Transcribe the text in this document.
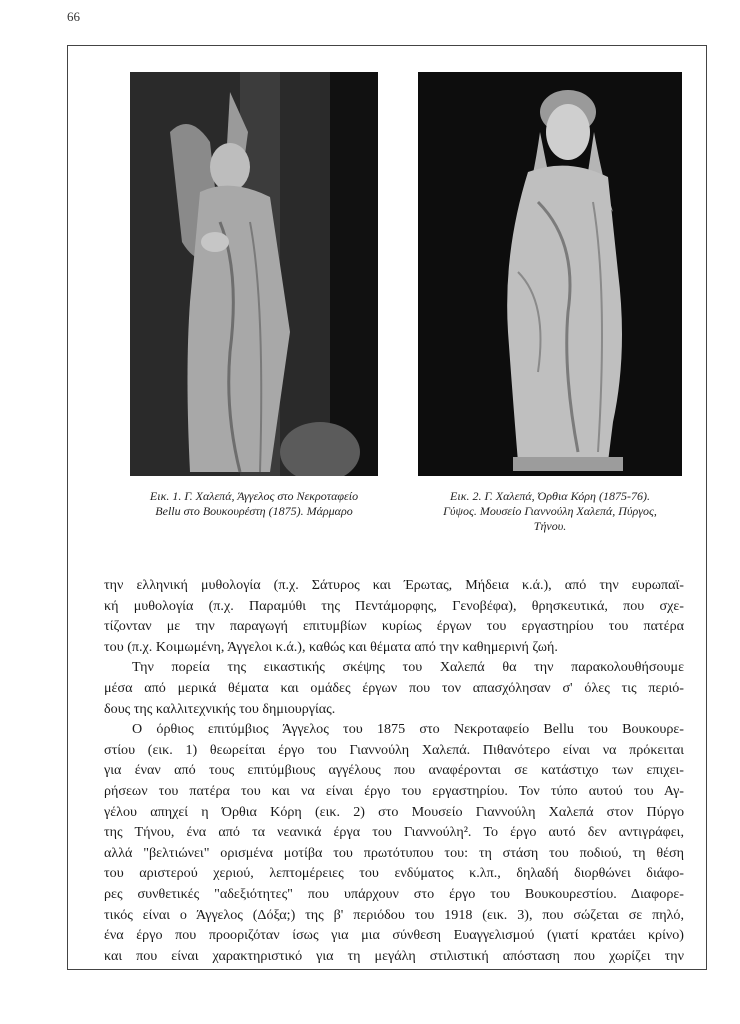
66
Εικ. 1. Γ. Χαλεπά, Άγγελος στο Νεκροταφείο
Bellu στο Βουκουρέστη (1875). Μάρμαρο
Εικ. 2. Γ. Χαλεπά, Όρθια Κόρη (1875-76).
Γύψος. Μουσείο Γιαννούλη Χαλεπά, Πύργος,
Τήνου.
την ελληνική μυθολογία (π.χ. Σάτυρος και Έρωτας, Μήδεια κ.ά.), από την ευρωπαϊ-
κή μυθολογία (π.χ. Παραμύθι της Πεντάμορφης, Γενοβέφα), θρησκευτικά, που σχε-
τίζονταν με την παραγωγή επιτυμβίων κυρίως έργων του εργαστηρίου του πατέρα
του (π.χ. Κοιμωμένη, Άγγελοι κ.ά.), καθώς και θέματα από την καθημερινή ζωή.
Την πορεία της εικαστικής σκέψης του Χαλεπά θα την παρακολουθήσουμε
μέσα από μερικά θέματα και ομάδες έργων που τον απασχόλησαν σ' όλες τις περιό-
δους της καλλιτεχνικής του δημιουργίας.
Ο όρθιος επιτύμβιος Άγγελος του 1875 στο Νεκροταφείο Bellu του Βουκουρε-
στίου (εικ. 1) θεωρείται έργο του Γιαννούλη Χαλεπά. Πιθανότερο είναι να πρόκειται
για έναν από τους επιτύμβιους αγγέλους που αναφέρονται σε κατάστιχο των επιχει-
ρήσεων του πατέρα του και να είναι έργο του εργαστηρίου. Τον τύπο αυτού του Αγ-
γέλου απηχεί η Όρθια Κόρη (εικ. 2) στο Μουσείο Γιαννούλη Χαλεπά στον Πύργο
της Τήνου, ένα από τα νεανικά έργα του Γιαννούλη². Το έργο αυτό δεν αντιγράφει,
αλλά "βελτιώνει" ορισμένα μοτίβα του πρωτότυπου του: τη στάση του ποδιού, τη θέση
του αριστερού χεριού, λεπτομέρειες του ενδύματος κ.λπ., δηλαδή διορθώνει διάφο-
ρες συνθετικές "αδεξιότητες" που υπάρχουν στο έργο του Βουκουρεστίου. Διαφορε-
τικός είναι ο Άγγελος (Δόξα;) της β' περιόδου του 1918 (εικ. 3), που σώζεται σε πηλό,
ένα έργο που προοριζόταν ίσως για μια σύνθεση Ευαγγελισμού (γιατί κρατάει κρίνο)
και που είναι χαρακτηριστικό για τη μεγάλη στιλιστική απόσταση που χωρίζει την
